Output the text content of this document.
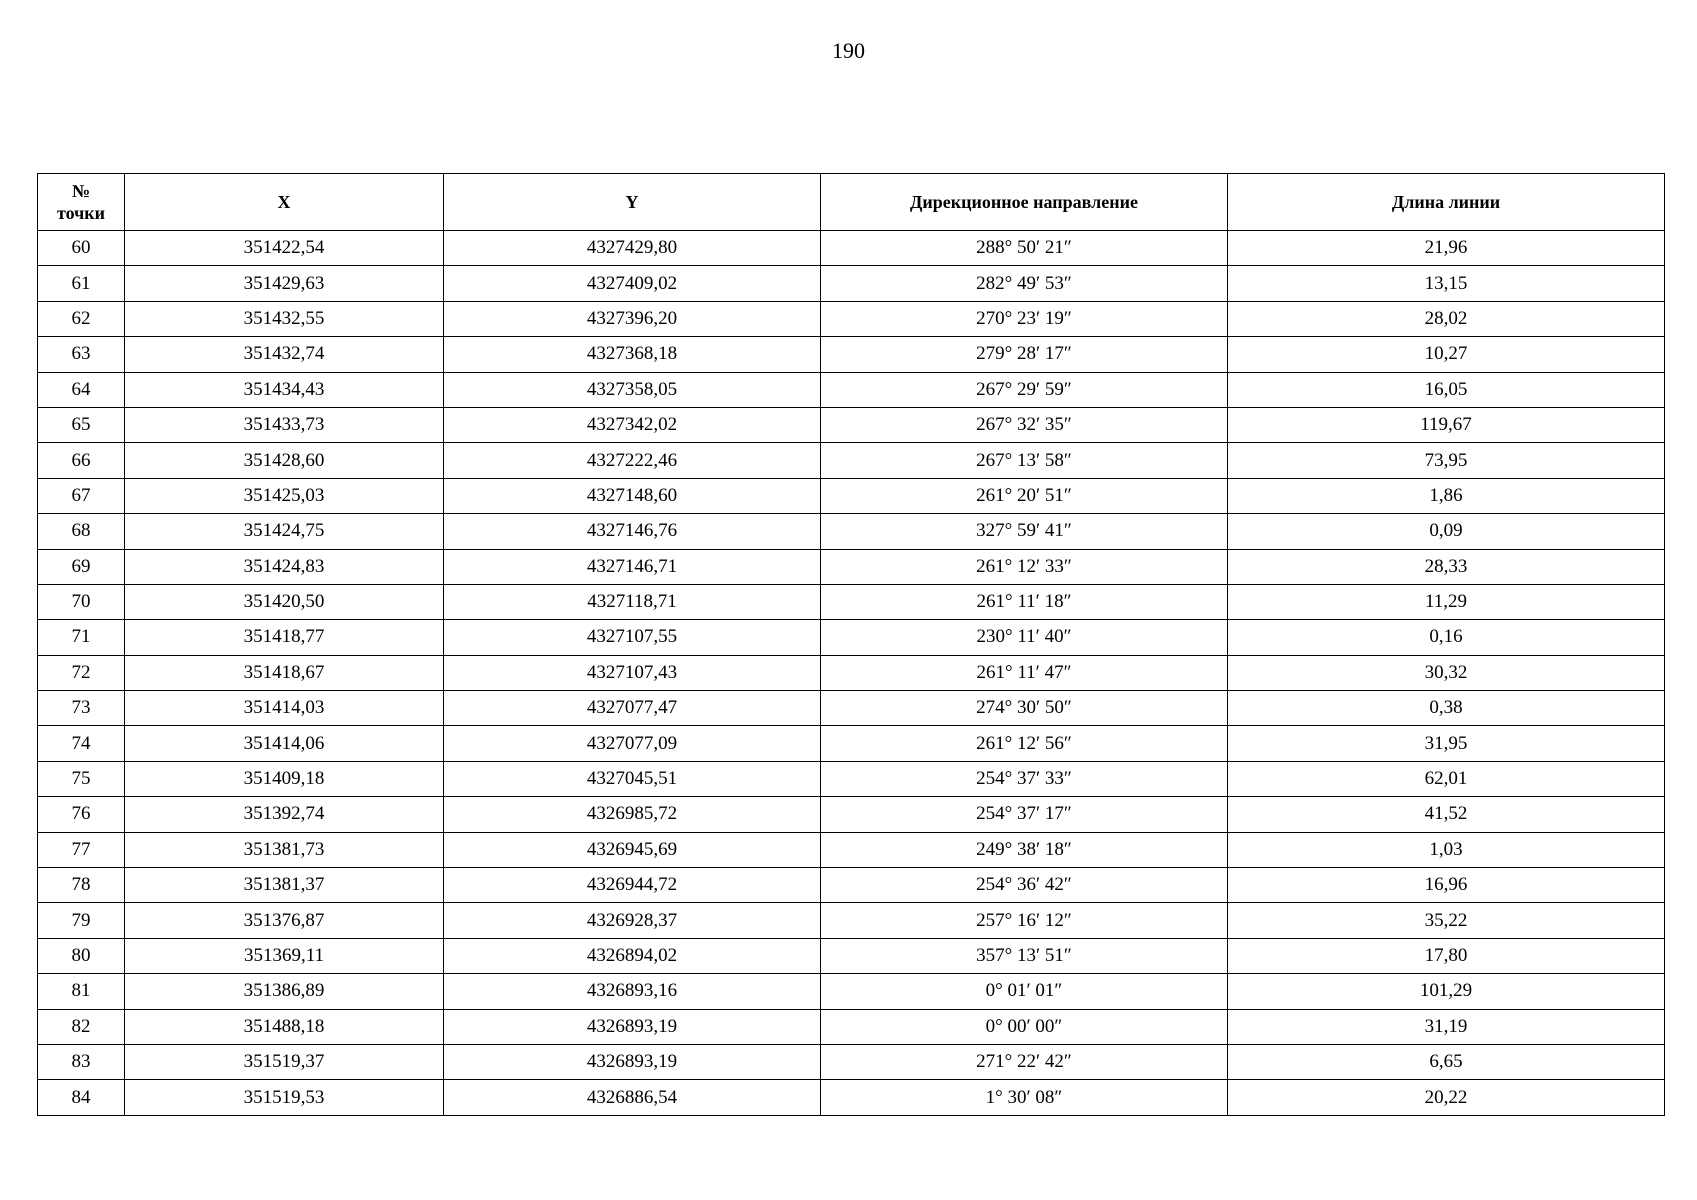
190
№
точки	X	Y	Дирекционное направление	Длина линии
60	351422,54	4327429,80	288° 50′ 21″	21,96
61	351429,63	4327409,02	282° 49′ 53″	13,15
62	351432,55	4327396,20	270° 23′ 19″	28,02
63	351432,74	4327368,18	279° 28′ 17″	10,27
64	351434,43	4327358,05	267° 29′ 59″	16,05
65	351433,73	4327342,02	267° 32′ 35″	119,67
66	351428,60	4327222,46	267° 13′ 58″	73,95
67	351425,03	4327148,60	261° 20′ 51″	1,86
68	351424,75	4327146,76	327° 59′ 41″	0,09
69	351424,83	4327146,71	261° 12′ 33″	28,33
70	351420,50	4327118,71	261° 11′ 18″	11,29
71	351418,77	4327107,55	230° 11′ 40″	0,16
72	351418,67	4327107,43	261° 11′ 47″	30,32
73	351414,03	4327077,47	274° 30′ 50″	0,38
74	351414,06	4327077,09	261° 12′ 56″	31,95
75	351409,18	4327045,51	254° 37′ 33″	62,01
76	351392,74	4326985,72	254° 37′ 17″	41,52
77	351381,73	4326945,69	249° 38′ 18″	1,03
78	351381,37	4326944,72	254° 36′ 42″	16,96
79	351376,87	4326928,37	257° 16′ 12″	35,22
80	351369,11	4326894,02	357° 13′ 51″	17,80
81	351386,89	4326893,16	0° 01′ 01″	101,29
82	351488,18	4326893,19	0° 00′ 00″	31,19
83	351519,37	4326893,19	271° 22′ 42″	6,65
84	351519,53	4326886,54	1° 30′ 08″	20,22
